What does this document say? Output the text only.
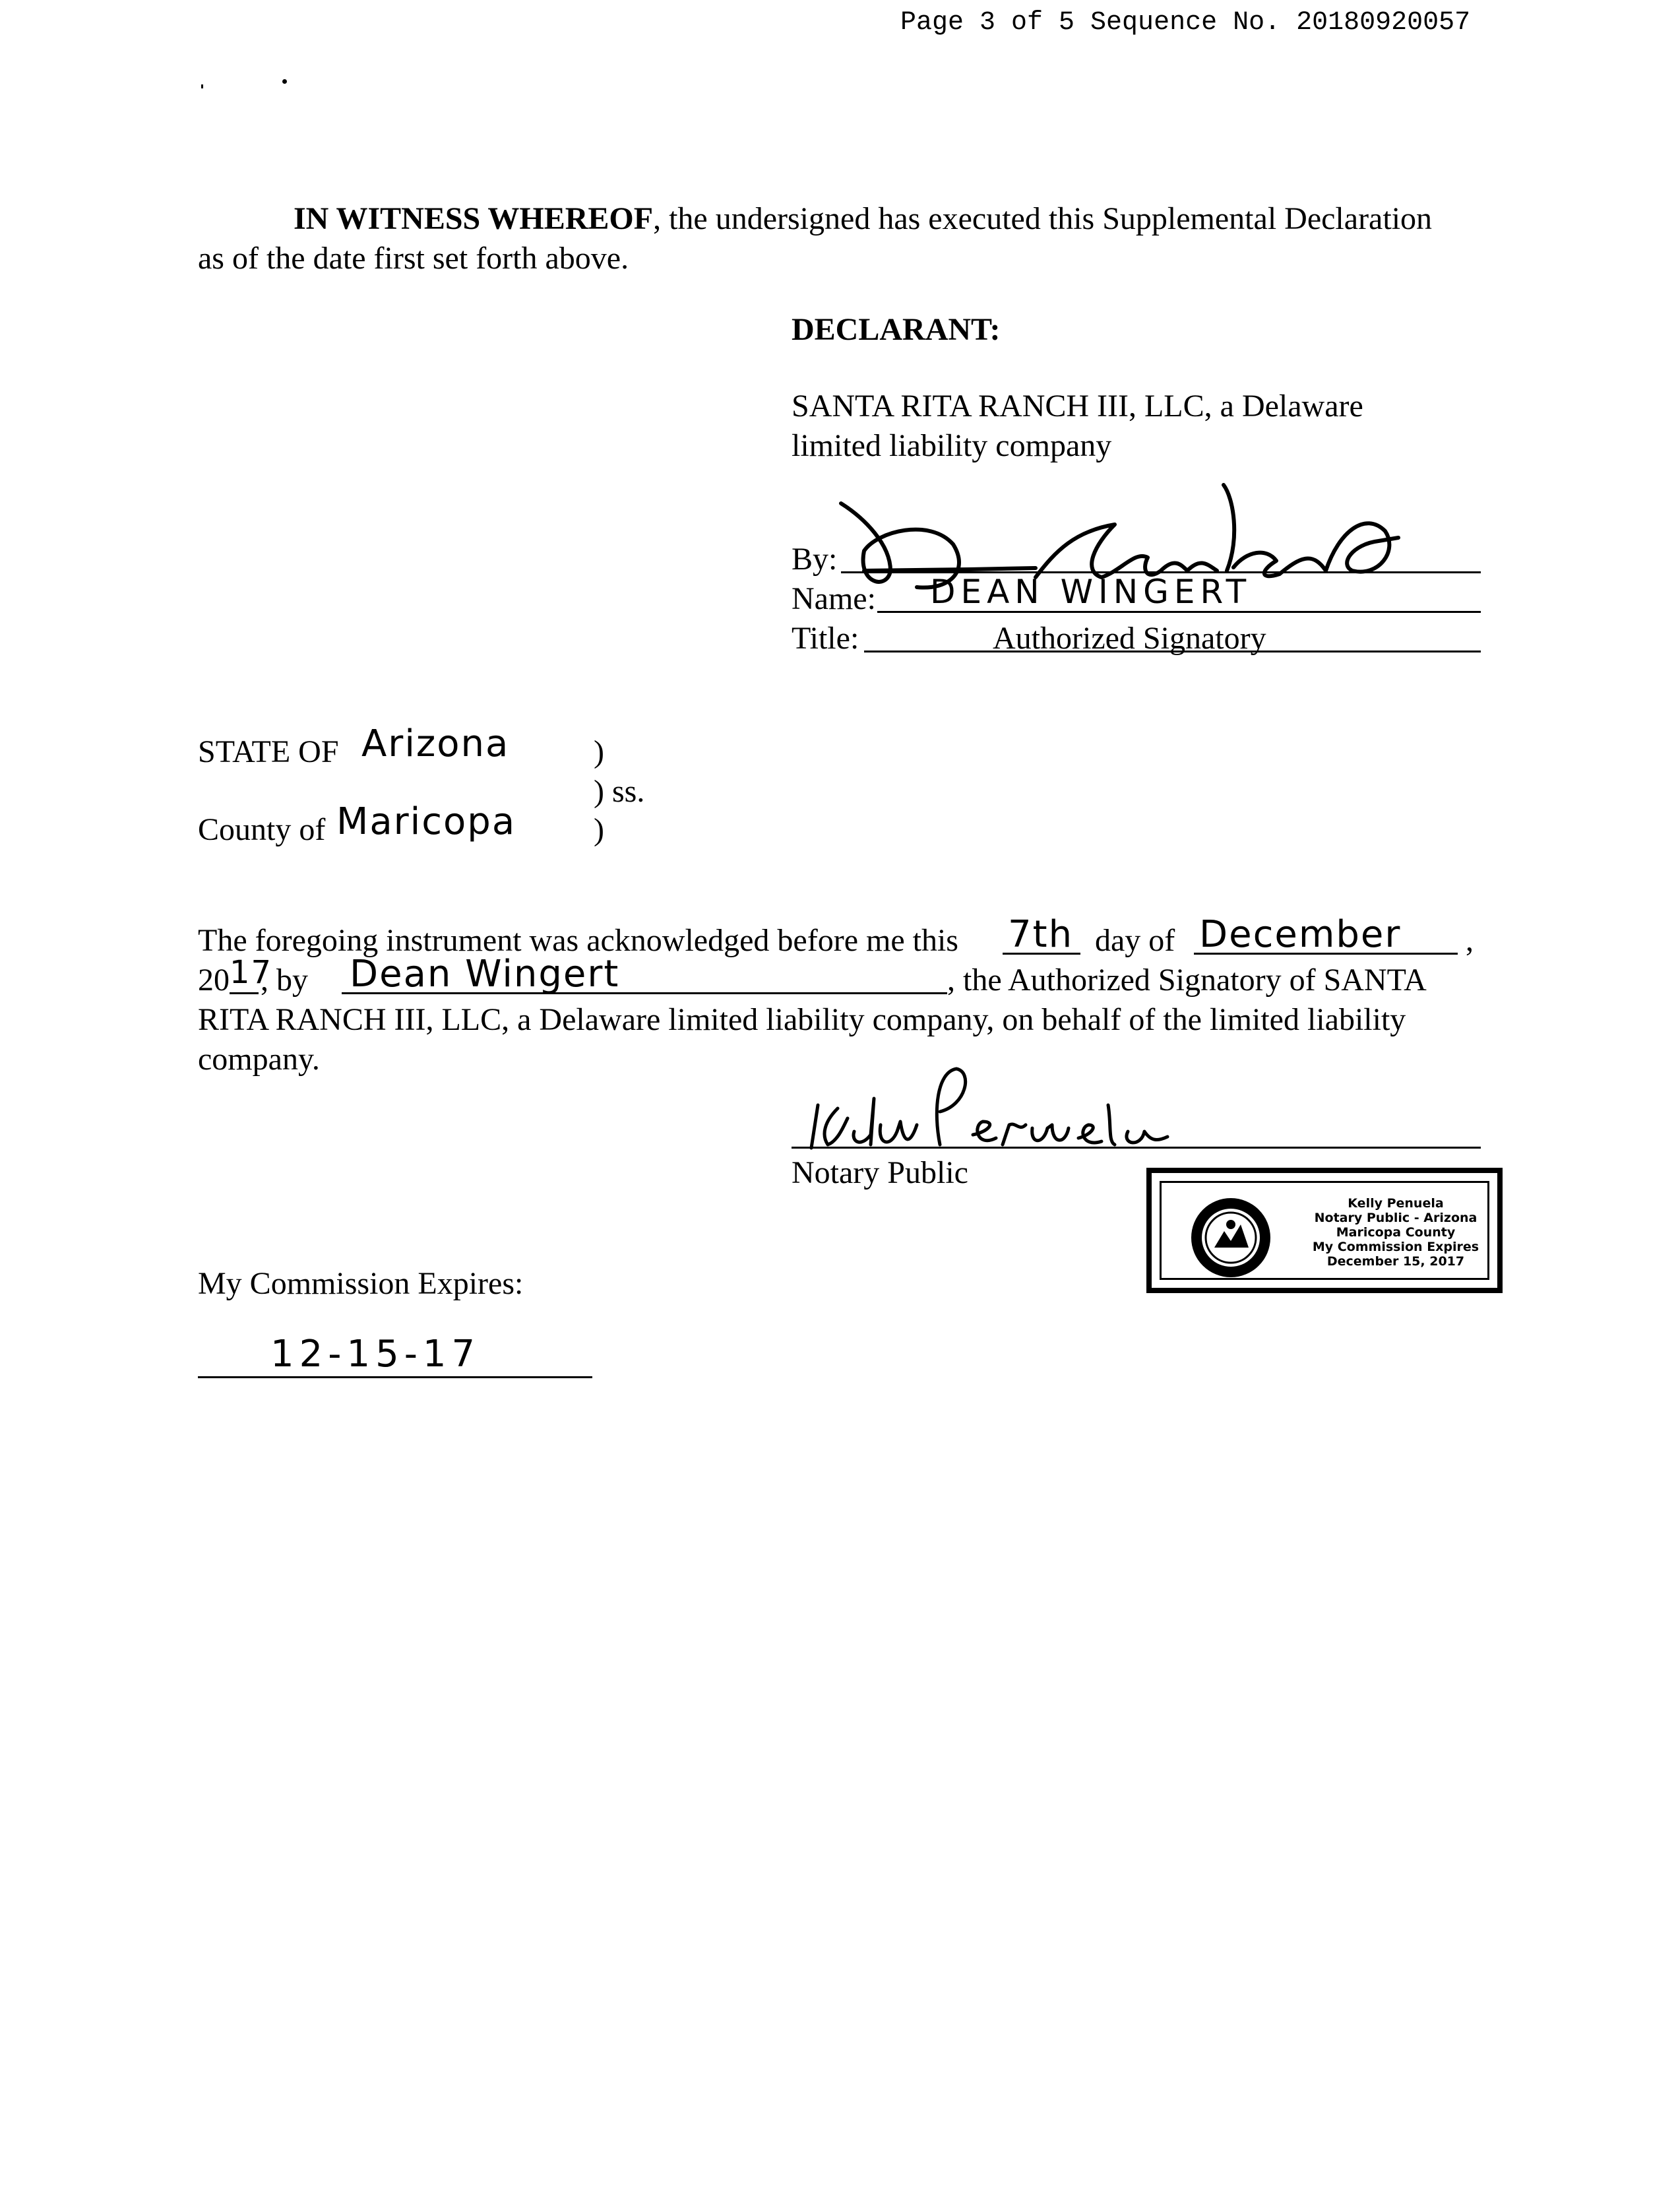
Page 3 of 5 Sequence No. 20180920057
IN WITNESS WHEREOF, the undersigned has executed this Supplemental Declaration
as of the date first set forth above.
DECLARANT:
SANTA RITA RANCH III, LLC, a Delaware
limited liability company
By:
Name: DEAN WINGERT
Title:	Authorized Signatory
STATE OF Arizona	)
) ss.
County of Maricopa )
The foregoing instrument was acknowledged before me this 7th day of December ,
20 17
, by Dean Wingert	, the Authorized Signatory of SANTA
RITA RANCH III, LLC, a Delaware limited liability company, on behalf of the limited liability
company.
Notary Public
Kelly Penuela
Notary Public - Arizona
Maricopa County
My Commission Expires
December 15, 2017
My Commission Expires:
12-15-17
